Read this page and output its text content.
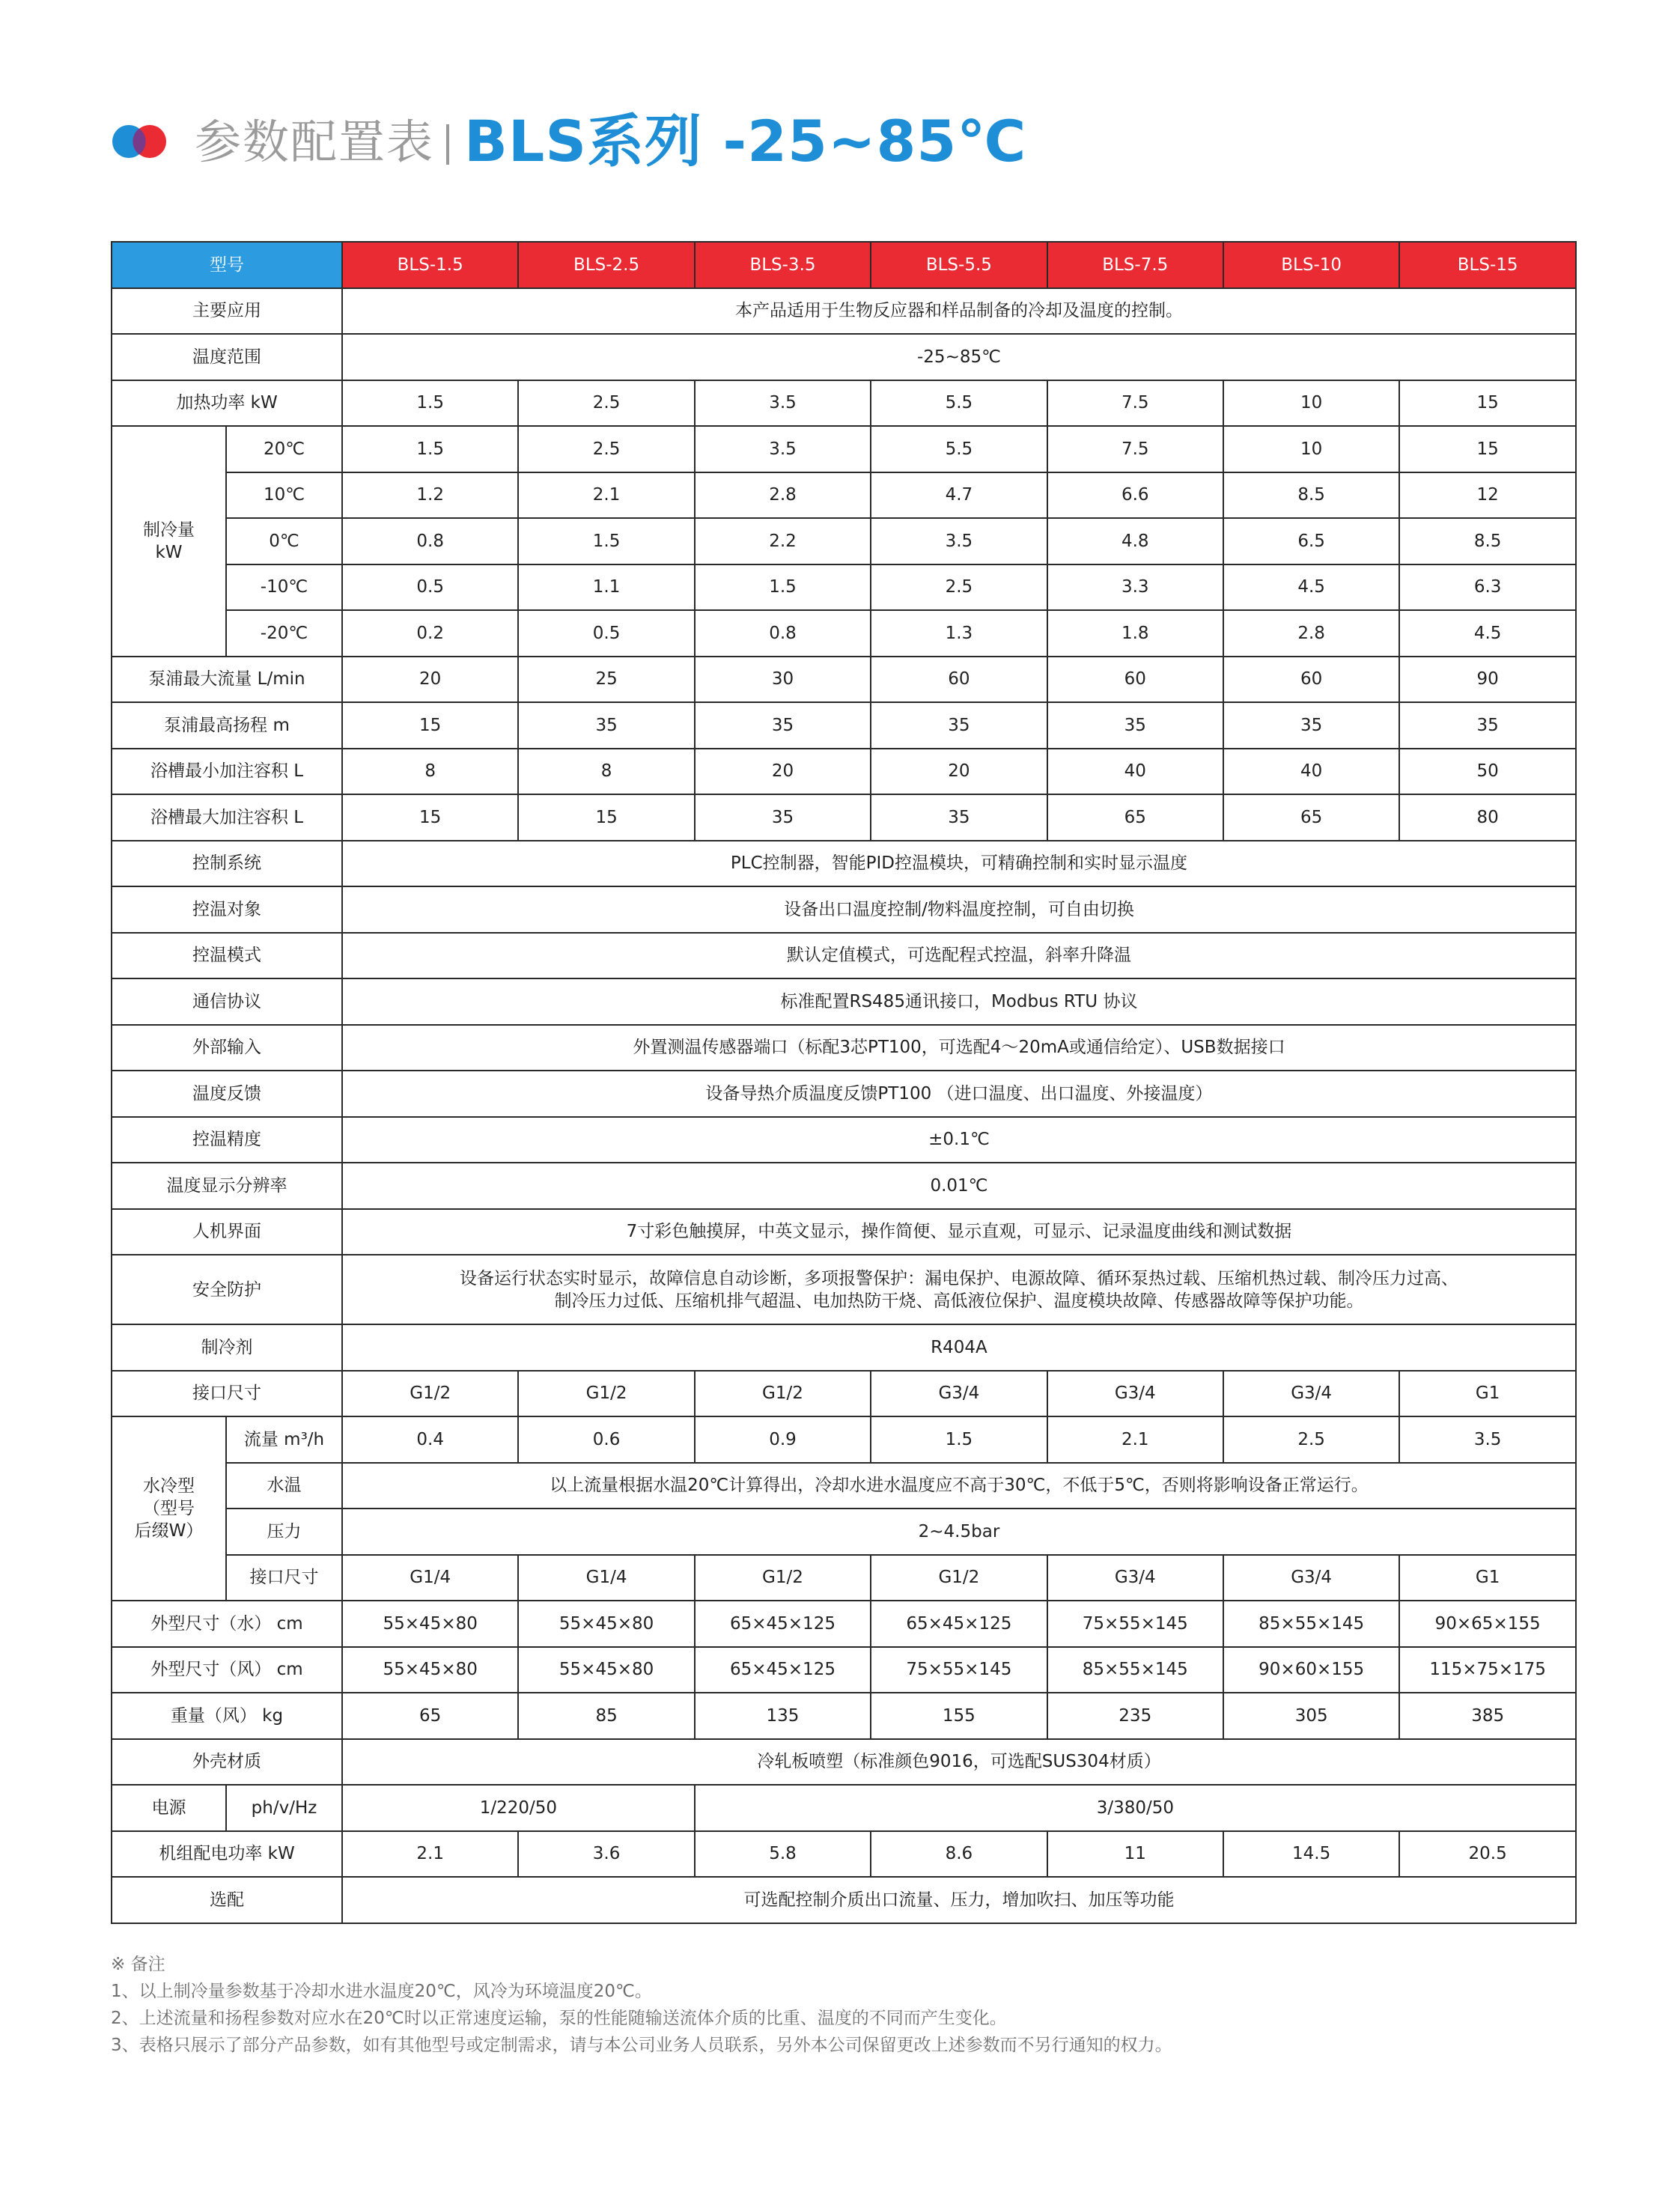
参数配置表 BLS系列 -25~85℃
型号		BLS-1.5	BLS-2.5	BLS-3.5	BLS-5.5	BLS-7.5	BLS-10	BLS-15
主要应用		本产品适用于生物反应器和样品制备的冷却及温度的控制。						
温度范围		-25~85℃						
加热功率 kW		1.5	2.5	3.5	5.5	7.5	10	15
制冷量
kW	20℃	1.5	2.5	3.5	5.5	7.5	10	15
	10℃	1.2	2.1	2.8	4.7	6.6	8.5	12
	0℃	0.8	1.5	2.2	3.5	4.8	6.5	8.5
	-10℃	0.5	1.1	1.5	2.5	3.3	4.5	6.3
	-20℃	0.2	0.5	0.8	1.3	1.8	2.8	4.5
泵浦最大流量 L/min		20	25	30	60	60	60	90
泵浦最高扬程 m		15	35	35	35	35	35	35
浴槽最小加注容积 L		8	8	20	20	40	40	50
浴槽最大加注容积 L		15	15	35	35	65	65	80
控制系统		PLC控制器，智能PID控温模块，可精确控制和实时显示温度						
控温对象		设备出口温度控制/物料温度控制，可自由切换						
控温模式		默认定值模式，可选配程式控温，斜率升降温						
通信协议		标准配置RS485通讯接口，Modbus RTU 协议						
外部输入		外置测温传感器端口（标配3芯PT100，可选配4～20mA或通信给定）、USB数据接口						
温度反馈		设备导热介质温度反馈PT100 （进口温度、出口温度、外接温度）						
控温精度		±0.1℃						
温度显示分辨率		0.01℃						
人机界面		7寸彩色触摸屏，中英文显示，操作简便、显示直观，可显示、记录温度曲线和测试数据						
安全防护		设备运行状态实时显示，故障信息自动诊断，多项报警保护：漏电保护、电源故障、循环泵热过载、压缩机热过载、制冷压力过高、
制冷压力过低、压缩机排气超温、电加热防干烧、高低液位保护、温度模块故障、传感器故障等保护功能。						

制冷剂		R404A						
接口尺寸		G1/2	G1/2	G1/2	G3/4	G3/4	G3/4	G1
水冷型
（型号
后缀W）	流量 m³/h	0.4	0.6	0.9	1.5	2.1	2.5	3.5
	水温	以上流量根据水温20℃计算得出，冷却水进水温度应不高于30℃，不低于5℃，否则将影响设备正常运行。						
	压力	2~4.5bar						
	接口尺寸	G1/4	G1/4	G1/2	G1/2	G3/4	G3/4	G1
外型尺寸（水） cm		55×45×80	55×45×80	65×45×125	65×45×125	75×55×145	85×55×145	90×65×155
外型尺寸（风） cm		55×45×80	55×45×80	65×45×125	75×55×145	85×55×145	90×60×155	115×75×175
重量（风） kg		65	85	135	155	235	305	385
外壳材质		冷轧板喷塑（标准颜色9016，可选配SUS304材质）						
电源	ph/v/Hz	1/220/50		3/380/50				
机组配电功率 kW		2.1	3.6	5.8	8.6	11	14.5	20.5
选配		可选配控制介质出口流量、压力，增加吹扫、加压等功能						
※ 备注
1、以上制冷量参数基于冷却水进水温度20℃，风冷为环境温度20℃。
2、上述流量和扬程参数对应水在20℃时以正常速度运输，泵的性能随输送流体介质的比重、温度的不同而产生变化。
3、表格只展示了部分产品参数，如有其他型号或定制需求，请与本公司业务人员联系，另外本公司保留更改上述参数而不另行通知的权力。
